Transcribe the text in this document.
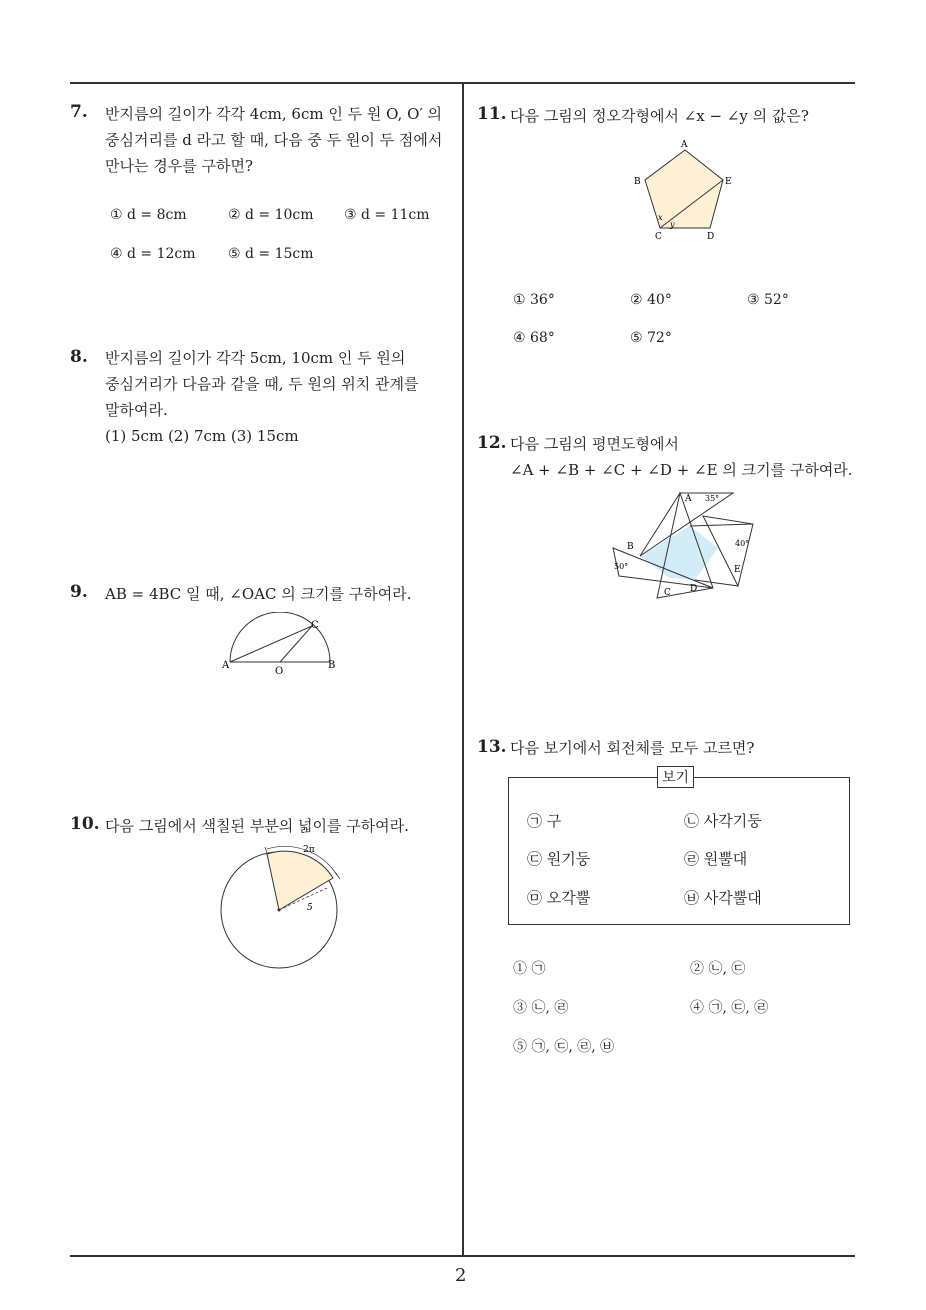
2
7. 반지름의 길이가 각각 4cm, 6cm 인 두 원 O, O′ 의
중심거리를 d 라고 할 때, 다음 중 두 원이 두 점에서
만나는 경우를 구하면?
① d = 8cm	② d = 10cm ③ d = 11cm
④ d = 12cm ⑤ d = 15cm
8. 반지름의 길이가 각각 5cm, 10cm 인 두 원의
중심거리가 다음과 같을 때, 두 원의 위치 관계를
말하여라.
(1) 5cm (2) 7cm (3) 15cm
9. AB = 4BC 일 때, ∠OAC 의 크기를 구하여라.
A	B
C
O
10. 다음 그림에서 색칠된 부분의 넓이를 구하여라.
2π
5
11. 다음 그림의 정오각형에서 ∠x − ∠y 의 값은?
A
B	E
C	D
x
y
① 36°	② 40°	③ 52°
④ 68°	⑤ 72°
12. 다음 그림의 평면도형에서
∠A + ∠B + ∠C + ∠D + ∠E 의 크기를 구하여라.
A 35°
B
50°	E
40°
C D
13. 다음 보기에서 회전체를 모두 고르면?
보기
㉠ 구	㉡ 사각기둥
㉢ 원기둥	㉣ 원뿔대
㉤ 오각뿔	㉥ 사각뿔대
① ㉠	② ㉡, ㉢
③ ㉡, ㉣	④ ㉠, ㉢, ㉣
⑤ ㉠, ㉢, ㉣, ㉥
